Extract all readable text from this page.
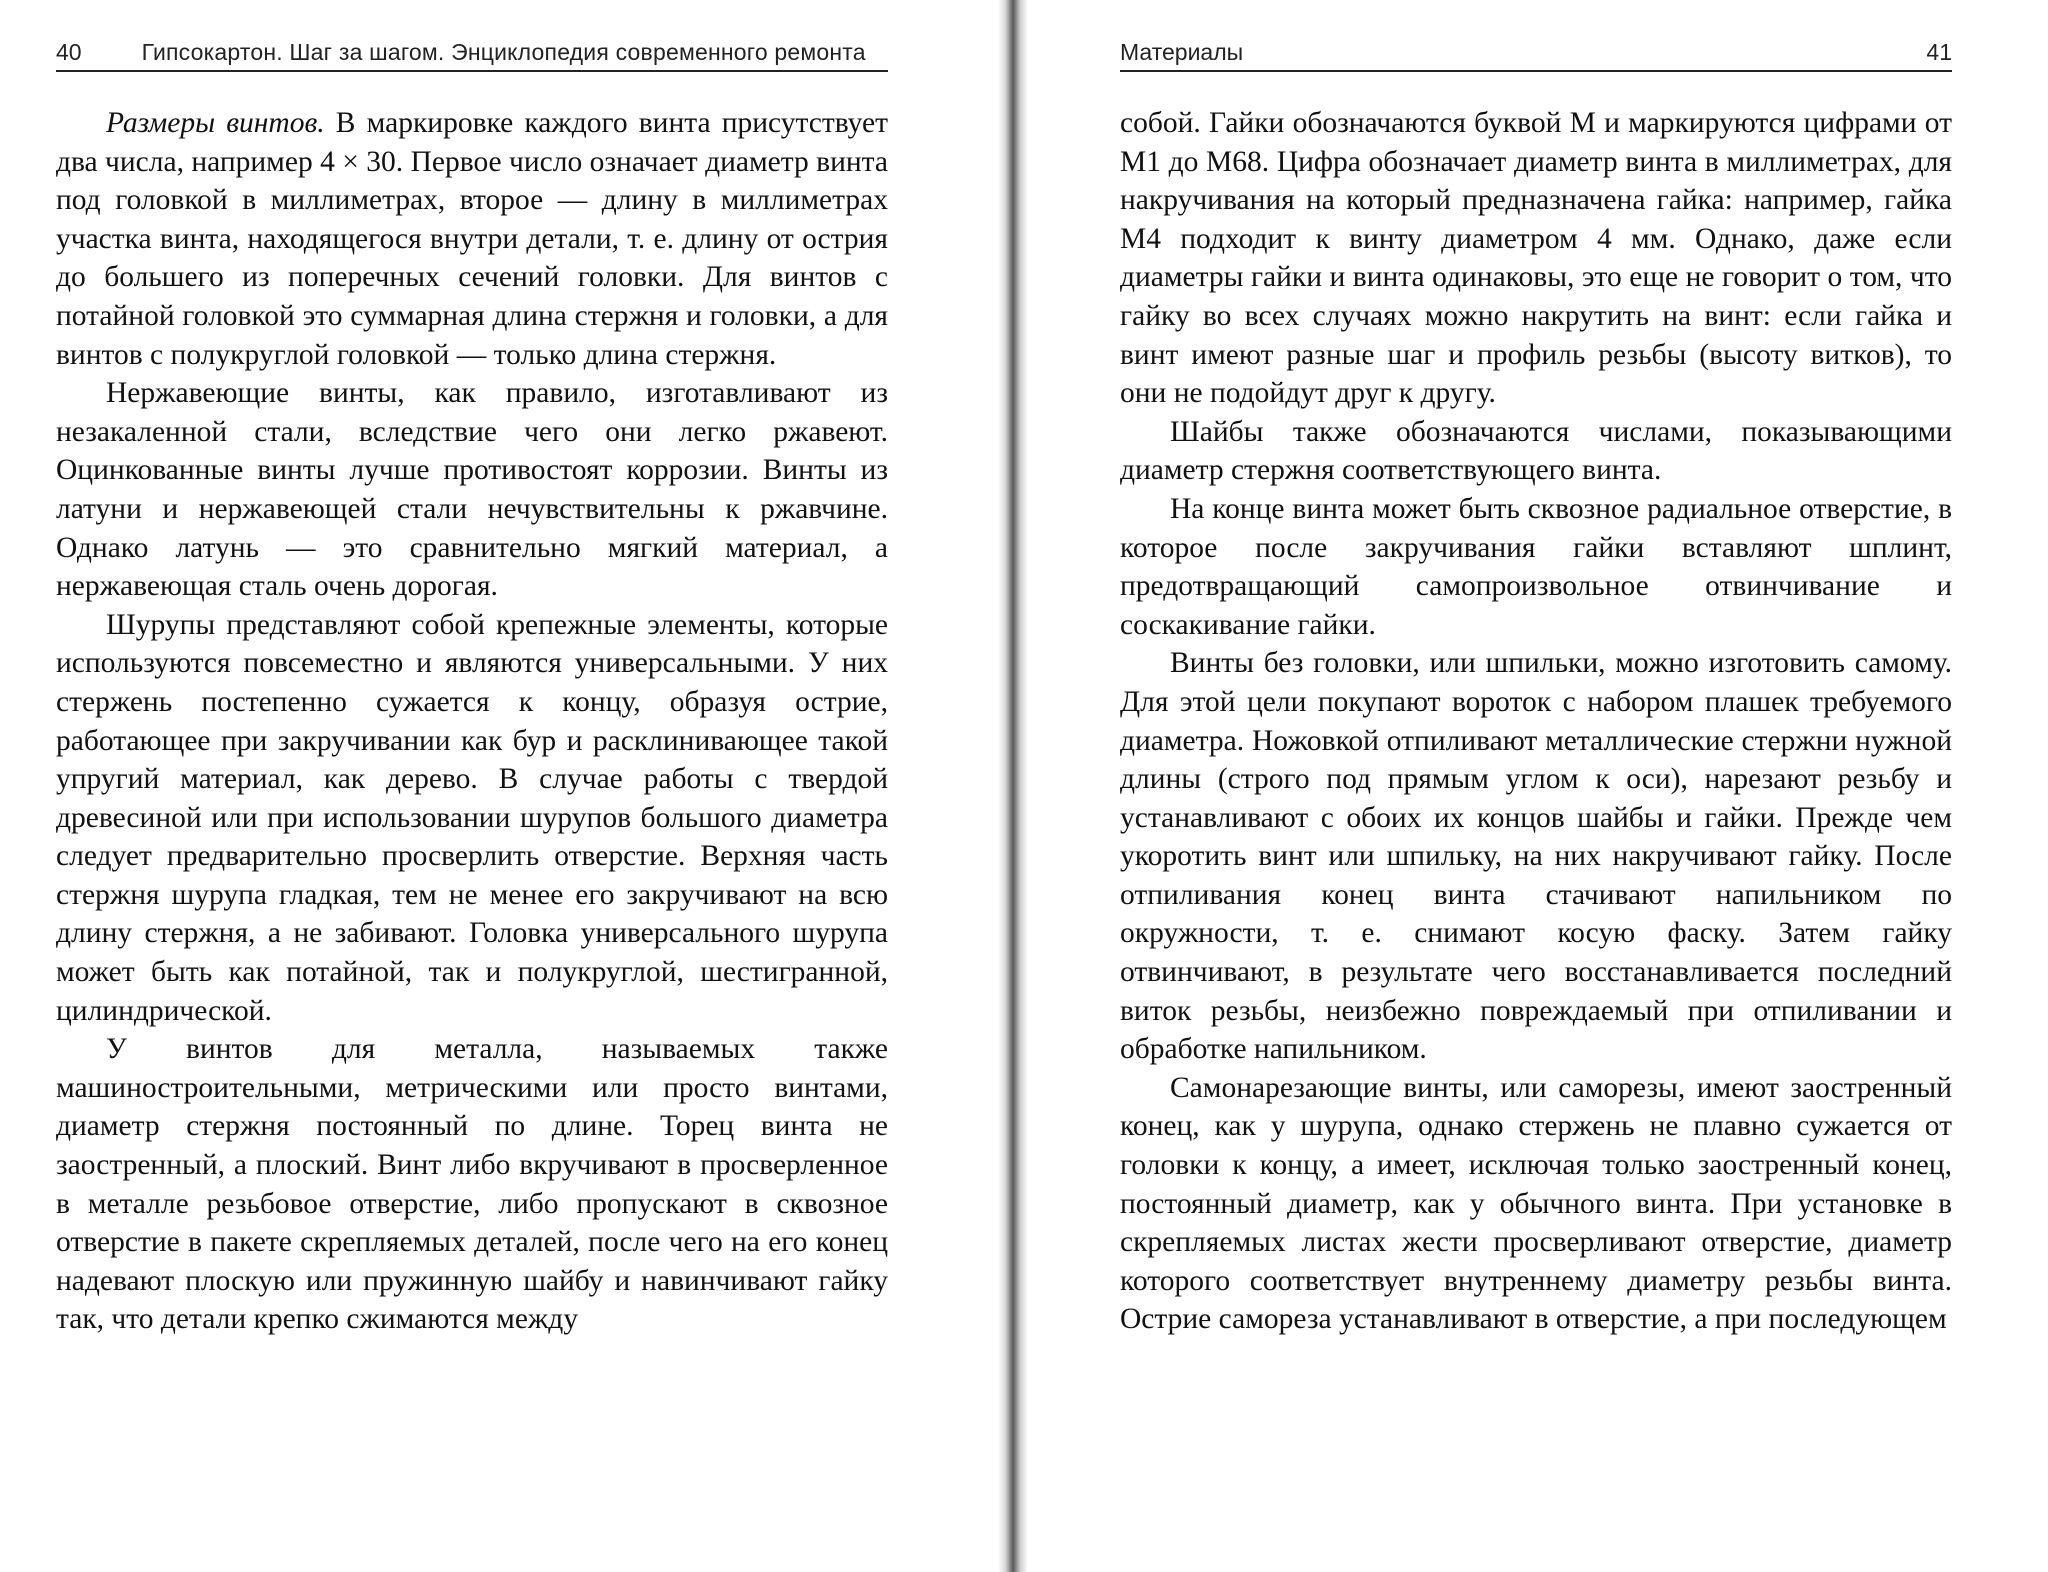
40	Гипсокартон. Шаг за шагом. Энциклопедия современного ремонта

Размеры винтов. В маркировке каждого винта присутствует два числа, например 4 × 30. Первое число означает диаметр винта под головкой в миллиметрах, второе — длину в миллиметрах участка винта, находящегося внутри детали, т. е. длину от острия до большего из поперечных сечений головки. Для винтов с потайной головкой это суммарная длина стержня и головки, а для винтов с полукруглой головкой — только длина стержня.

Нержавеющие винты, как правило, изготавливают из незакаленной стали, вследствие чего они легко ржавеют. Оцинкованные винты лучше противостоят коррозии. Винты из латуни и нержавеющей стали нечувствительны к ржавчине. Однако латунь — это сравнительно мягкий материал, а нержавеющая сталь очень дорогая.

Шурупы представляют собой крепежные элементы, которые используются повсеместно и являются универсальными. У них стержень постепенно сужается к концу, образуя острие, работающее при закручивании как бур и расклинивающее такой упругий материал, как дерево. В случае работы с твердой древесиной или при использовании шурупов большого диаметра следует предварительно просверлить отверстие. Верхняя часть стержня шурупа гладкая, тем не менее его закручивают на всю длину стержня, а не забивают. Головка универсального шурупа может быть как потайной, так и полукруглой, шестигранной, цилиндрической.

У винтов для металла, называемых также машиностроительными, метрическими или просто винтами, диаметр стержня постоянный по длине. Торец винта не заостренный, а плоский. Винт либо вкручивают в просверленное в металле резьбовое отверстие, либо пропускают в сквозное отверстие в пакете скрепляемых деталей, после чего на его конец надевают плоскую или пружинную шайбу и навинчивают гайку так, что детали крепко сжимаются между

Материалы	41

собой. Гайки обозначаются буквой М и маркируются цифрами от М1 до М68. Цифра обозначает диаметр винта в миллиметрах, для накручивания на который предназначена гайка: например, гайка М4 подходит к винту диаметром 4 мм. Однако, даже если диаметры гайки и винта одинаковы, это еще не говорит о том, что гайку во всех случаях можно накрутить на винт: если гайка и винт имеют разные шаг и профиль резьбы (высоту витков), то они не подойдут друг к другу.

Шайбы также обозначаются числами, показывающими диаметр стержня соответствующего винта.

На конце винта может быть сквозное радиальное отверстие, в которое после закручивания гайки вставляют шплинт, предотвращающий самопроизвольное отвинчивание и соскакивание гайки.

Винты без головки, или шпильки, можно изготовить самому. Для этой цели покупают вороток с набором плашек требуемого диаметра. Ножовкой отпиливают металлические стержни нужной длины (строго под прямым углом к оси), нарезают резьбу и устанавливают с обоих их концов шайбы и гайки. Прежде чем укоротить винт или шпильку, на них накручивают гайку. После отпиливания конец винта стачивают напильником по окружности, т. е. снимают косую фаску. Затем гайку отвинчивают, в результате чего восстанавливается последний виток резьбы, неизбежно повреждаемый при отпиливании и обработке напильником.

Самонарезающие винты, или саморезы, имеют заостренный конец, как у шурупа, однако стержень не плавно сужается от головки к концу, а имеет, исключая только заостренный конец, постоянный диаметр, как у обычного винта. При установке в скрепляемых листах жести просверливают отверстие, диаметр которого соответствует внутреннему диаметру резьбы винта. Острие самореза устанавливают в отверстие, а при последующем
